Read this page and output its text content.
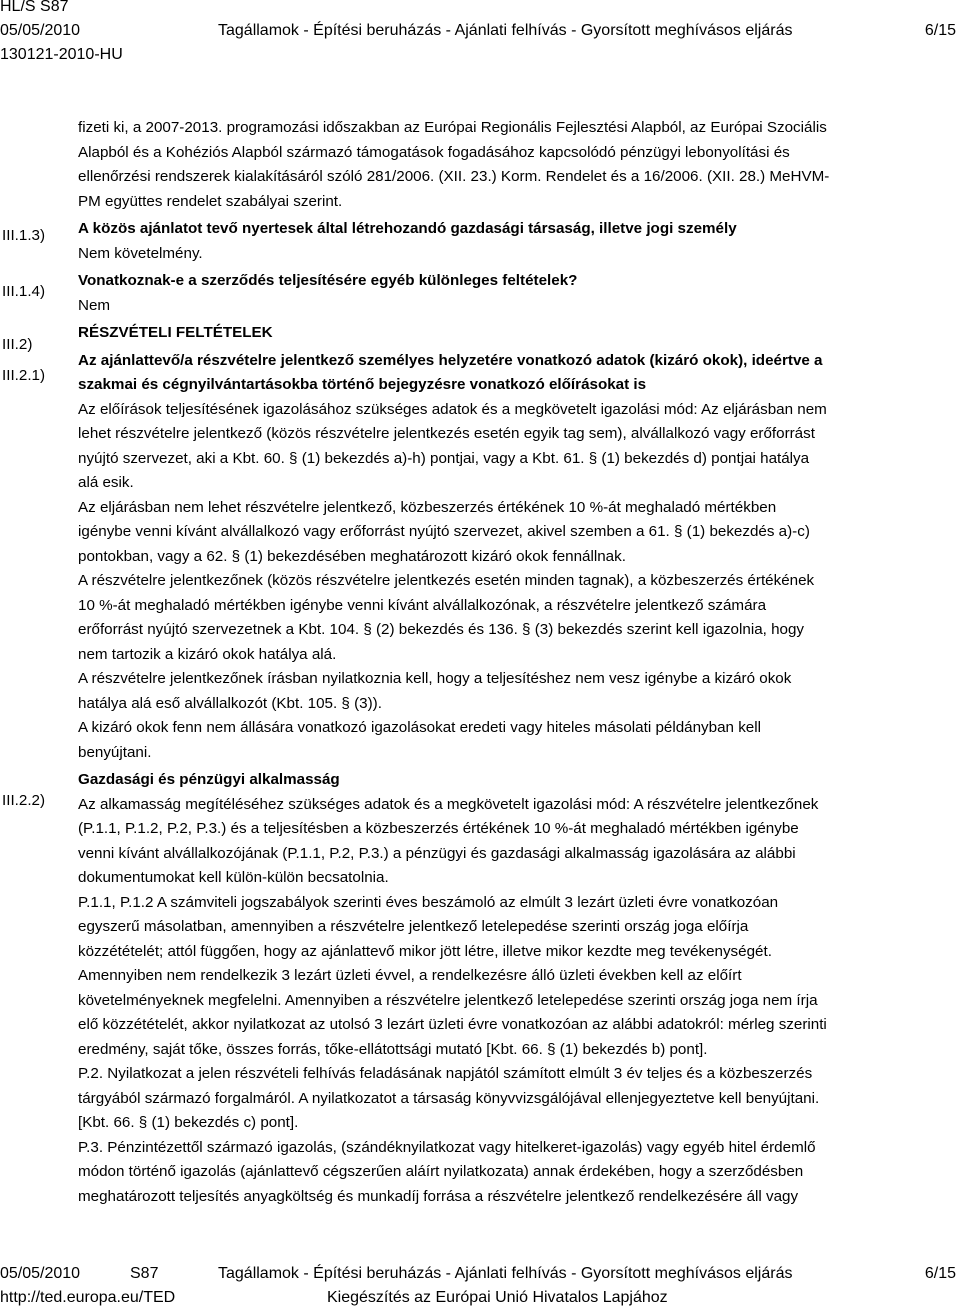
HL/S S87
05/05/2010	Tagállamok - Építési beruházás - Ajánlati felhívás - Gyorsított meghívásos eljárás	6/15
130121-2010-HU
III.1.3)
III.1.4)
III.2)
III.2.1)
III.2.2)

fizeti ki, a 2007-2013. programozási időszakban az Európai Regionális Fejlesztési Alapból, az Európai Szociális

Alapból és a Kohéziós Alapból származó támogatások fogadásához kapcsolódó pénzügyi lebonyolítási és

ellenőrzési rendszerek kialakításáról szóló 281/2006. (XII. 23.) Korm. Rendelet és a 16/2006. (XII. 28.) MeHVM-

PM együttes rendelet szabályai szerint.

A közös ajánlatot tevő nyertesek által létrehozandó gazdasági társaság, illetve jogi személy

Nem követelmény.

Vonatkoznak-e a szerződés teljesítésére egyéb különleges feltételek?

Nem

RÉSZVÉTELI FELTÉTELEK

Az ajánlattevő/a részvételre jelentkező személyes helyzetére vonatkozó adatok (kizáró okok), ideértve a

szakmai és cégnyilvántartásokba történő bejegyzésre vonatkozó előírásokat is

Az előírások teljesítésének igazolásához szükséges adatok és a megkövetelt igazolási mód: Az eljárásban nem

lehet részvételre jelentkező (közös részvételre jelentkezés esetén egyik tag sem), alvállalkozó vagy erőforrást

nyújtó szervezet, aki a Kbt. 60. § (1) bekezdés a)-h) pontjai, vagy a Kbt. 61. § (1) bekezdés d) pontjai hatálya

alá esik.

Az eljárásban nem lehet részvételre jelentkező, közbeszerzés értékének 10 %-át meghaladó mértékben

igénybe venni kívánt alvállalkozó vagy erőforrást nyújtó szervezet, akivel szemben a 61. § (1) bekezdés a)-c)

pontokban, vagy a 62. § (1) bekezdésében meghatározott kizáró okok fennállnak.

A részvételre jelentkezőnek (közös részvételre jelentkezés esetén minden tagnak), a közbeszerzés értékének

10 %-át meghaladó mértékben igénybe venni kívánt alvállalkozónak, a részvételre jelentkező számára

erőforrást nyújtó szervezetnek a Kbt. 104. § (2) bekezdés és 136. § (3) bekezdés szerint kell igazolnia, hogy

nem tartozik a kizáró okok hatálya alá.

A részvételre jelentkezőnek írásban nyilatkoznia kell, hogy a teljesítéshez nem vesz igénybe a kizáró okok

hatálya alá eső alvállalkozót (Kbt. 105. § (3)).

A kizáró okok fenn nem állására vonatkozó igazolásokat eredeti vagy hiteles másolati példányban kell

benyújtani.

Gazdasági és pénzügyi alkalmasság

Az alkamasság megítéléséhez szükséges adatok és a megkövetelt igazolási mód: A részvételre jelentkezőnek

(P.1.1, P.1.2, P.2, P.3.) és a teljesítésben a közbeszerzés értékének 10 %-át meghaladó mértékben igénybe

venni kívánt alvállalkozójának (P.1.1, P.2, P.3.) a pénzügyi és gazdasági alkalmasság igazolására az alábbi

dokumentumokat kell külön-külön becsatolnia.

P.1.1, P.1.2 A számviteli jogszabályok szerinti éves beszámoló az elmúlt 3 lezárt üzleti évre vonatkozóan

egyszerű másolatban, amennyiben a részvételre jelentkező letelepedése szerinti ország joga előírja

közzétételét; attól függően, hogy az ajánlattevő mikor jött létre, illetve mikor kezdte meg tevékenységét.

Amennyiben nem rendelkezik 3 lezárt üzleti évvel, a rendelkezésre álló üzleti években kell az előírt

követelményeknek megfelelni. Amennyiben a részvételre jelentkező letelepedése szerinti ország joga nem írja

elő közzétételét, akkor nyilatkozat az utolsó 3 lezárt üzleti évre vonatkozóan az alábbi adatokról: mérleg szerinti

eredmény, saját tőke, összes forrás, tőke-ellátottsági mutató [Kbt. 66. § (1) bekezdés b) pont].

P.2. Nyilatkozat a jelen részvételi felhívás feladásának napjától számított elmúlt 3 év teljes és a közbeszerzés

tárgyából származó forgalmáról. A nyilatkozatot a társaság könyvvizsgálójával ellenjegyeztetve kell benyújtani.

[Kbt. 66. § (1) bekezdés c) pont].

P.3. Pénzintézettől származó igazolás, (szándéknyilatkozat vagy hitelkeret-igazolás) vagy egyéb hitel érdemlő

módon történő igazolás (ajánlattevő cégszerűen aláírt nyilatkozata) annak érdekében, hogy a szerződésben

meghatározott teljesítés anyagköltség és munkadíj forrása a részvételre jelentkező rendelkezésére áll vagy

05/05/2010	S87	Tagállamok - Építési beruházás - Ajánlati felhívás - Gyorsított meghívásos eljárás	6/15
http://ted.europa.eu/TED	Kiegészítés az Európai Unió Hivatalos Lapjához
